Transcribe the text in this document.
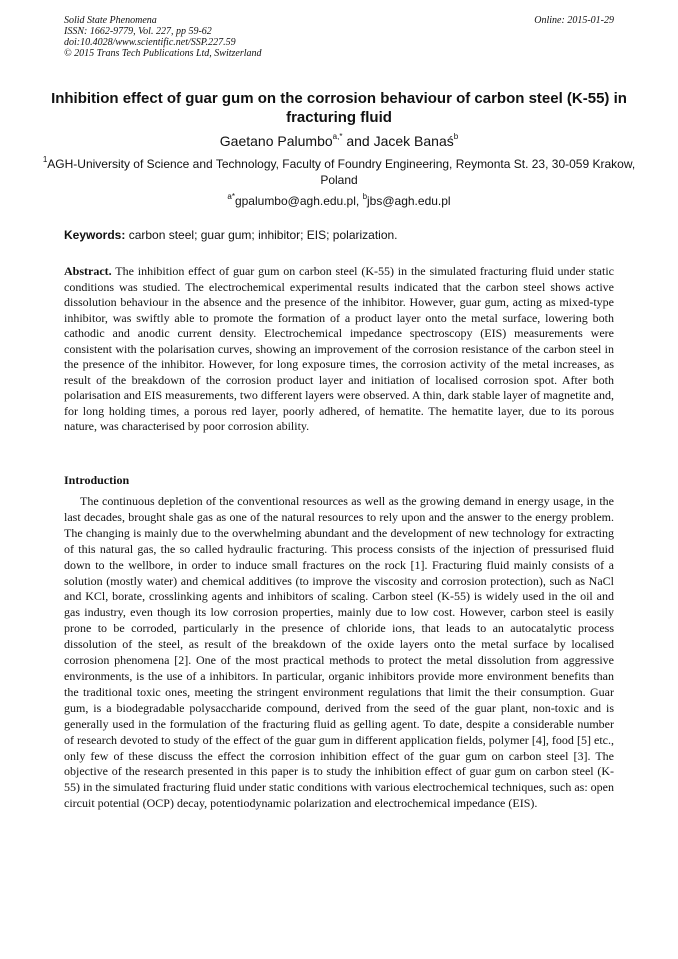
Solid State Phenomena
ISSN: 1662-9779, Vol. 227, pp 59-62
doi:10.4028/www.scientific.net/SSP.227.59
© 2015 Trans Tech Publications Ltd, Switzerland
Online: 2015-01-29
Inhibition effect of guar gum on the corrosion behaviour of carbon steel (K-55) in fracturing fluid
Gaetano Palumbo$^{a,*}$ and Jacek Banaś$^b$
$^1$AGH-University of Science and Technology, Faculty of Foundry Engineering, Reymonta St. 23, 30-059 Krakow, Poland
$^{a*}$gpalumbo@agh.edu.pl, $^b$jbs@agh.edu.pl
Keywords: carbon steel; guar gum; inhibitor; EIS; polarization.
Abstract. The inhibition effect of guar gum on carbon steel (K-55) in the simulated fracturing fluid under static conditions was studied. The electrochemical experimental results indicated that the carbon steel shows active dissolution behaviour in the absence and the presence of the inhibitor. However, guar gum, acting as mixed-type inhibitor, was swiftly able to promote the formation of a product layer onto the metal surface, lowering both cathodic and anodic current density. Electrochemical impedance spectroscopy (EIS) measurements were consistent with the polarisation curves, showing an improvement of the corrosion resistance of the carbon steel in the presence of the inhibitor. However, for long exposure times, the corrosion activity of the metal increases, as result of the breakdown of the corrosion product layer and initiation of localised corrosion spot. After both polarisation and EIS measurements, two different layers were observed. A thin, dark stable layer of magnetite and, for long holding times, a porous red layer, poorly adhered, of hematite. The hematite layer, due to its porous nature, was characterised by poor corrosion ability.
Introduction
The continuous depletion of the conventional resources as well as the growing demand in energy usage, in the last decades, brought shale gas as one of the natural resources to rely upon and the answer to the energy problem. The changing is mainly due to the overwhelming abundant and the development of new technology for extracting of this natural gas, the so called hydraulic fracturing. This process consists of the injection of pressurised fluid down to the wellbore, in order to induce small fractures on the rock [1]. Fracturing fluid mainly consists of a solution (mostly water) and chemical additives (to improve the viscosity and corrosion protection), such as NaCl and KCl, borate, crosslinking agents and inhibitors of scaling. Carbon steel (K-55) is widely used in the oil and gas industry, even though its low corrosion properties, mainly due to low cost. However, carbon steel is easily prone to be corroded, particularly in the presence of chloride ions, that leads to an autocatalytic process dissolution of the steel, as result of the breakdown of the oxide layers onto the metal surface by localised corrosion phenomena [2]. One of the most practical methods to protect the metal dissolution from aggressive environments, is the use of a inhibitors. In particular, organic inhibitors provide more environment benefits than the traditional toxic ones, meeting the stringent environment regulations that limit the their consumption. Guar gum, is a biodegradable polysaccharide compound, derived from the seed of the guar plant, non-toxic and is generally used in the formulation of the fracturing fluid as gelling agent. To date, despite a considerable number of research devoted to study of the effect of the guar gum in different application fields, polymer [4], food [5] etc., only few of these discuss the effect the corrosion inhibition effect of the guar gum on carbon steel [3]. The objective of the research presented in this paper is to study the inhibition effect of guar gum on carbon steel (K-55) in the simulated fracturing fluid under static conditions with various electrochemical techniques, such as: open circuit potential (OCP) decay, potentiodynamic polarization and electrochemical impedance (EIS).
